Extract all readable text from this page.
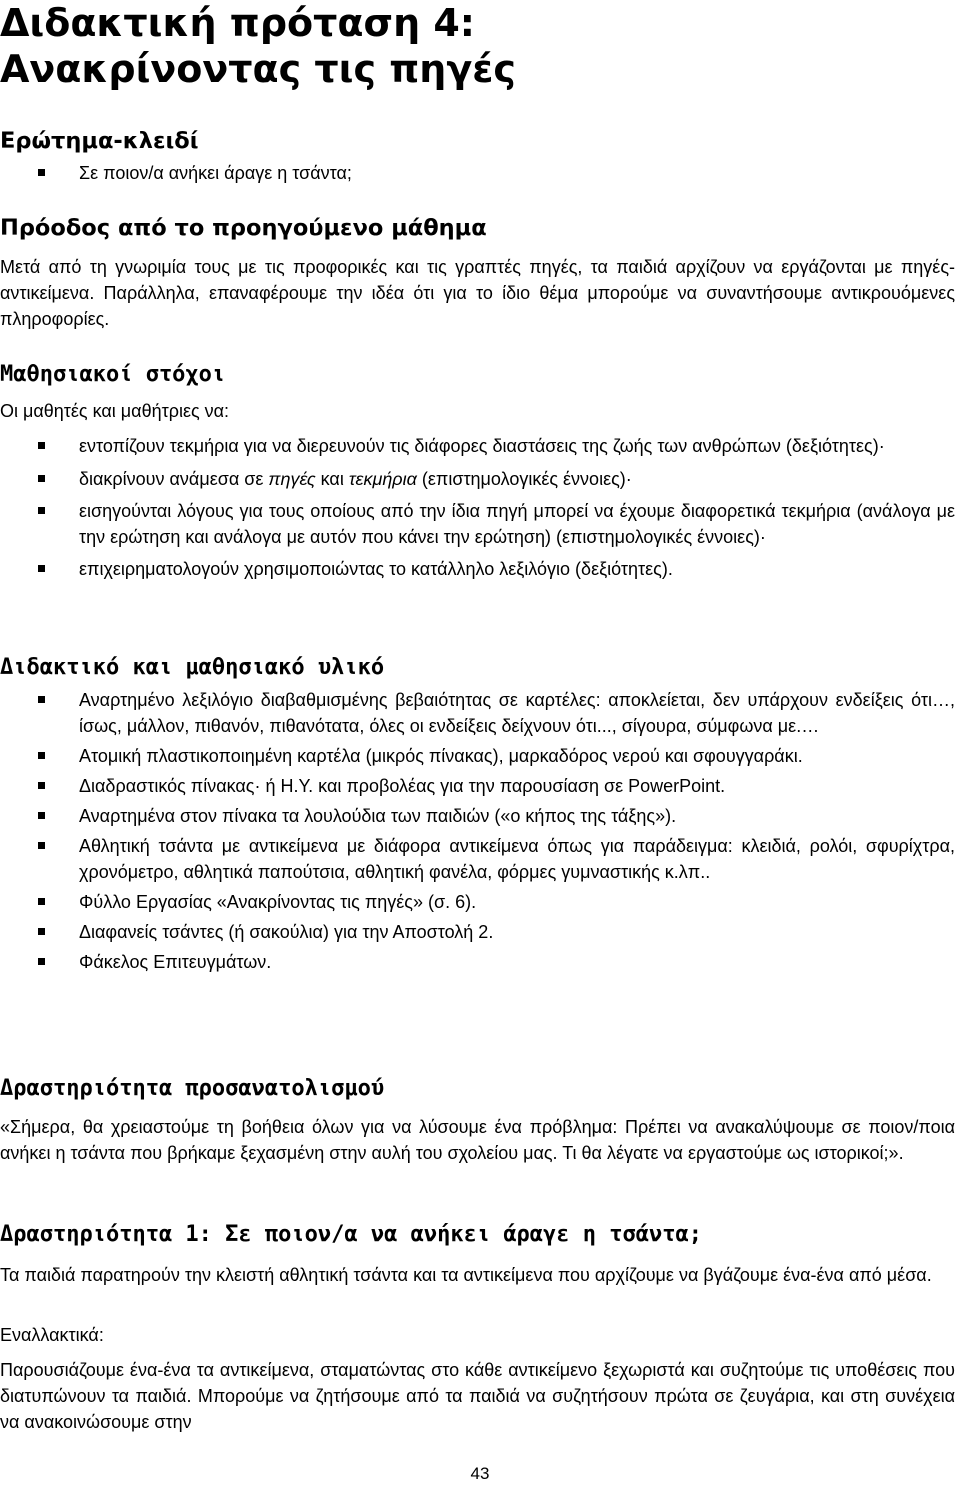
Διδακτική πρόταση 4:
Ανακρίνοντας τις πηγές
Ερώτημα-κλειδί
Σε ποιον/α ανήκει άραγε η τσάντα;
Πρόοδος από το προηγούμενο μάθημα

Μετά από τη γνωριμία τους με τις προφορικές και τις γραπτές πηγές, τα παιδιά αρχίζουν να εργάζονται με πηγές-αντικείμενα. Παράλληλα, επαναφέρουμε την ιδέα ότι για το ίδιο θέμα μπορούμε να συναντήσουμε αντικρουόμενες πληροφορίες.

Μαθησιακοί στόχοι

Οι μαθητές και μαθήτριες να:

εντοπίζουν τεκμήρια για να διερευνούν τις διάφορες διαστάσεις της ζωής των ανθρώπων (δεξιότητες)·
διακρίνουν ανάμεσα σε πηγές και τεκμήρια (επιστημολογικές έννοιες)·
εισηγούνται λόγους για τους οποίους από την ίδια πηγή μπορεί να έχουμε διαφορετικά τεκμήρια (ανάλογα με την ερώτηση και ανάλογα με αυτόν που κάνει την ερώτηση) (επιστημολογικές έννοιες)·
επιχειρηματολογούν χρησιμοποιώντας το κατάλληλο λεξιλόγιο (δεξιότητες).
Διδακτικό και μαθησιακό υλικό
Αναρτημένο λεξιλόγιο διαβαθμισμένης βεβαιότητας σε καρτέλες: αποκλείεται, δεν υπάρχουν ενδείξεις ότι…, ίσως, μάλλον, πιθανόν, πιθανότατα, όλες οι ενδείξεις δείχνουν ότι..., σίγουρα, σύμφωνα με.…
Ατομική πλαστικοποιημένη καρτέλα (μικρός πίνακας), μαρκαδόρος νερού και σφουγγαράκι.
Διαδραστικός πίνακας· ή Η.Υ. και προβολέας για την παρουσίαση σε PowerPoint.
Αναρτημένα στον πίνακα τα λουλούδια των παιδιών («ο κήπος της τάξης»).
Αθλητική τσάντα με αντικείμενα με διάφορα αντικείμενα όπως για παράδειγμα: κλειδιά, ρολόι, σφυρίχτρα, χρονόμετρο, αθλητικά παπούτσια, αθλητική φανέλα, φόρμες γυμναστικής κ.λπ..
Φύλλο Εργασίας «Ανακρίνοντας τις πηγές» (σ. 6).
Διαφανείς τσάντες (ή σακούλια) για την Αποστολή 2.
Φάκελος Επιτευγμάτων.
Δραστηριότητα προσανατολισμού

«Σήμερα, θα χρειαστούμε τη βοήθεια όλων για να λύσουμε ένα πρόβλημα: Πρέπει να ανακαλύψουμε σε ποιον/ποια ανήκει η τσάντα που βρήκαμε ξεχασμένη στην αυλή του σχολείου μας. Τι θα λέγατε να εργαστούμε ως ιστορικοί;».

Δραστηριότητα 1: Σε ποιον/α να ανήκει άραγε η τσάντα;

Τα παιδιά παρατηρούν την κλειστή αθλητική τσάντα και τα αντικείμενα που αρχίζουμε να βγάζουμε ένα-ένα από μέσα.

Εναλλακτικά:

Παρουσιάζουμε ένα-ένα τα αντικείμενα, σταματώντας στο κάθε αντικείμενο ξεχωριστά και συζητούμε τις υποθέσεις που διατυπώνουν τα παιδιά. Μπορούμε να ζητήσουμε από τα παιδιά να συζητήσουν πρώτα σε ζευγάρια, και στη συνέχεια να ανακοινώσουμε στην

43
